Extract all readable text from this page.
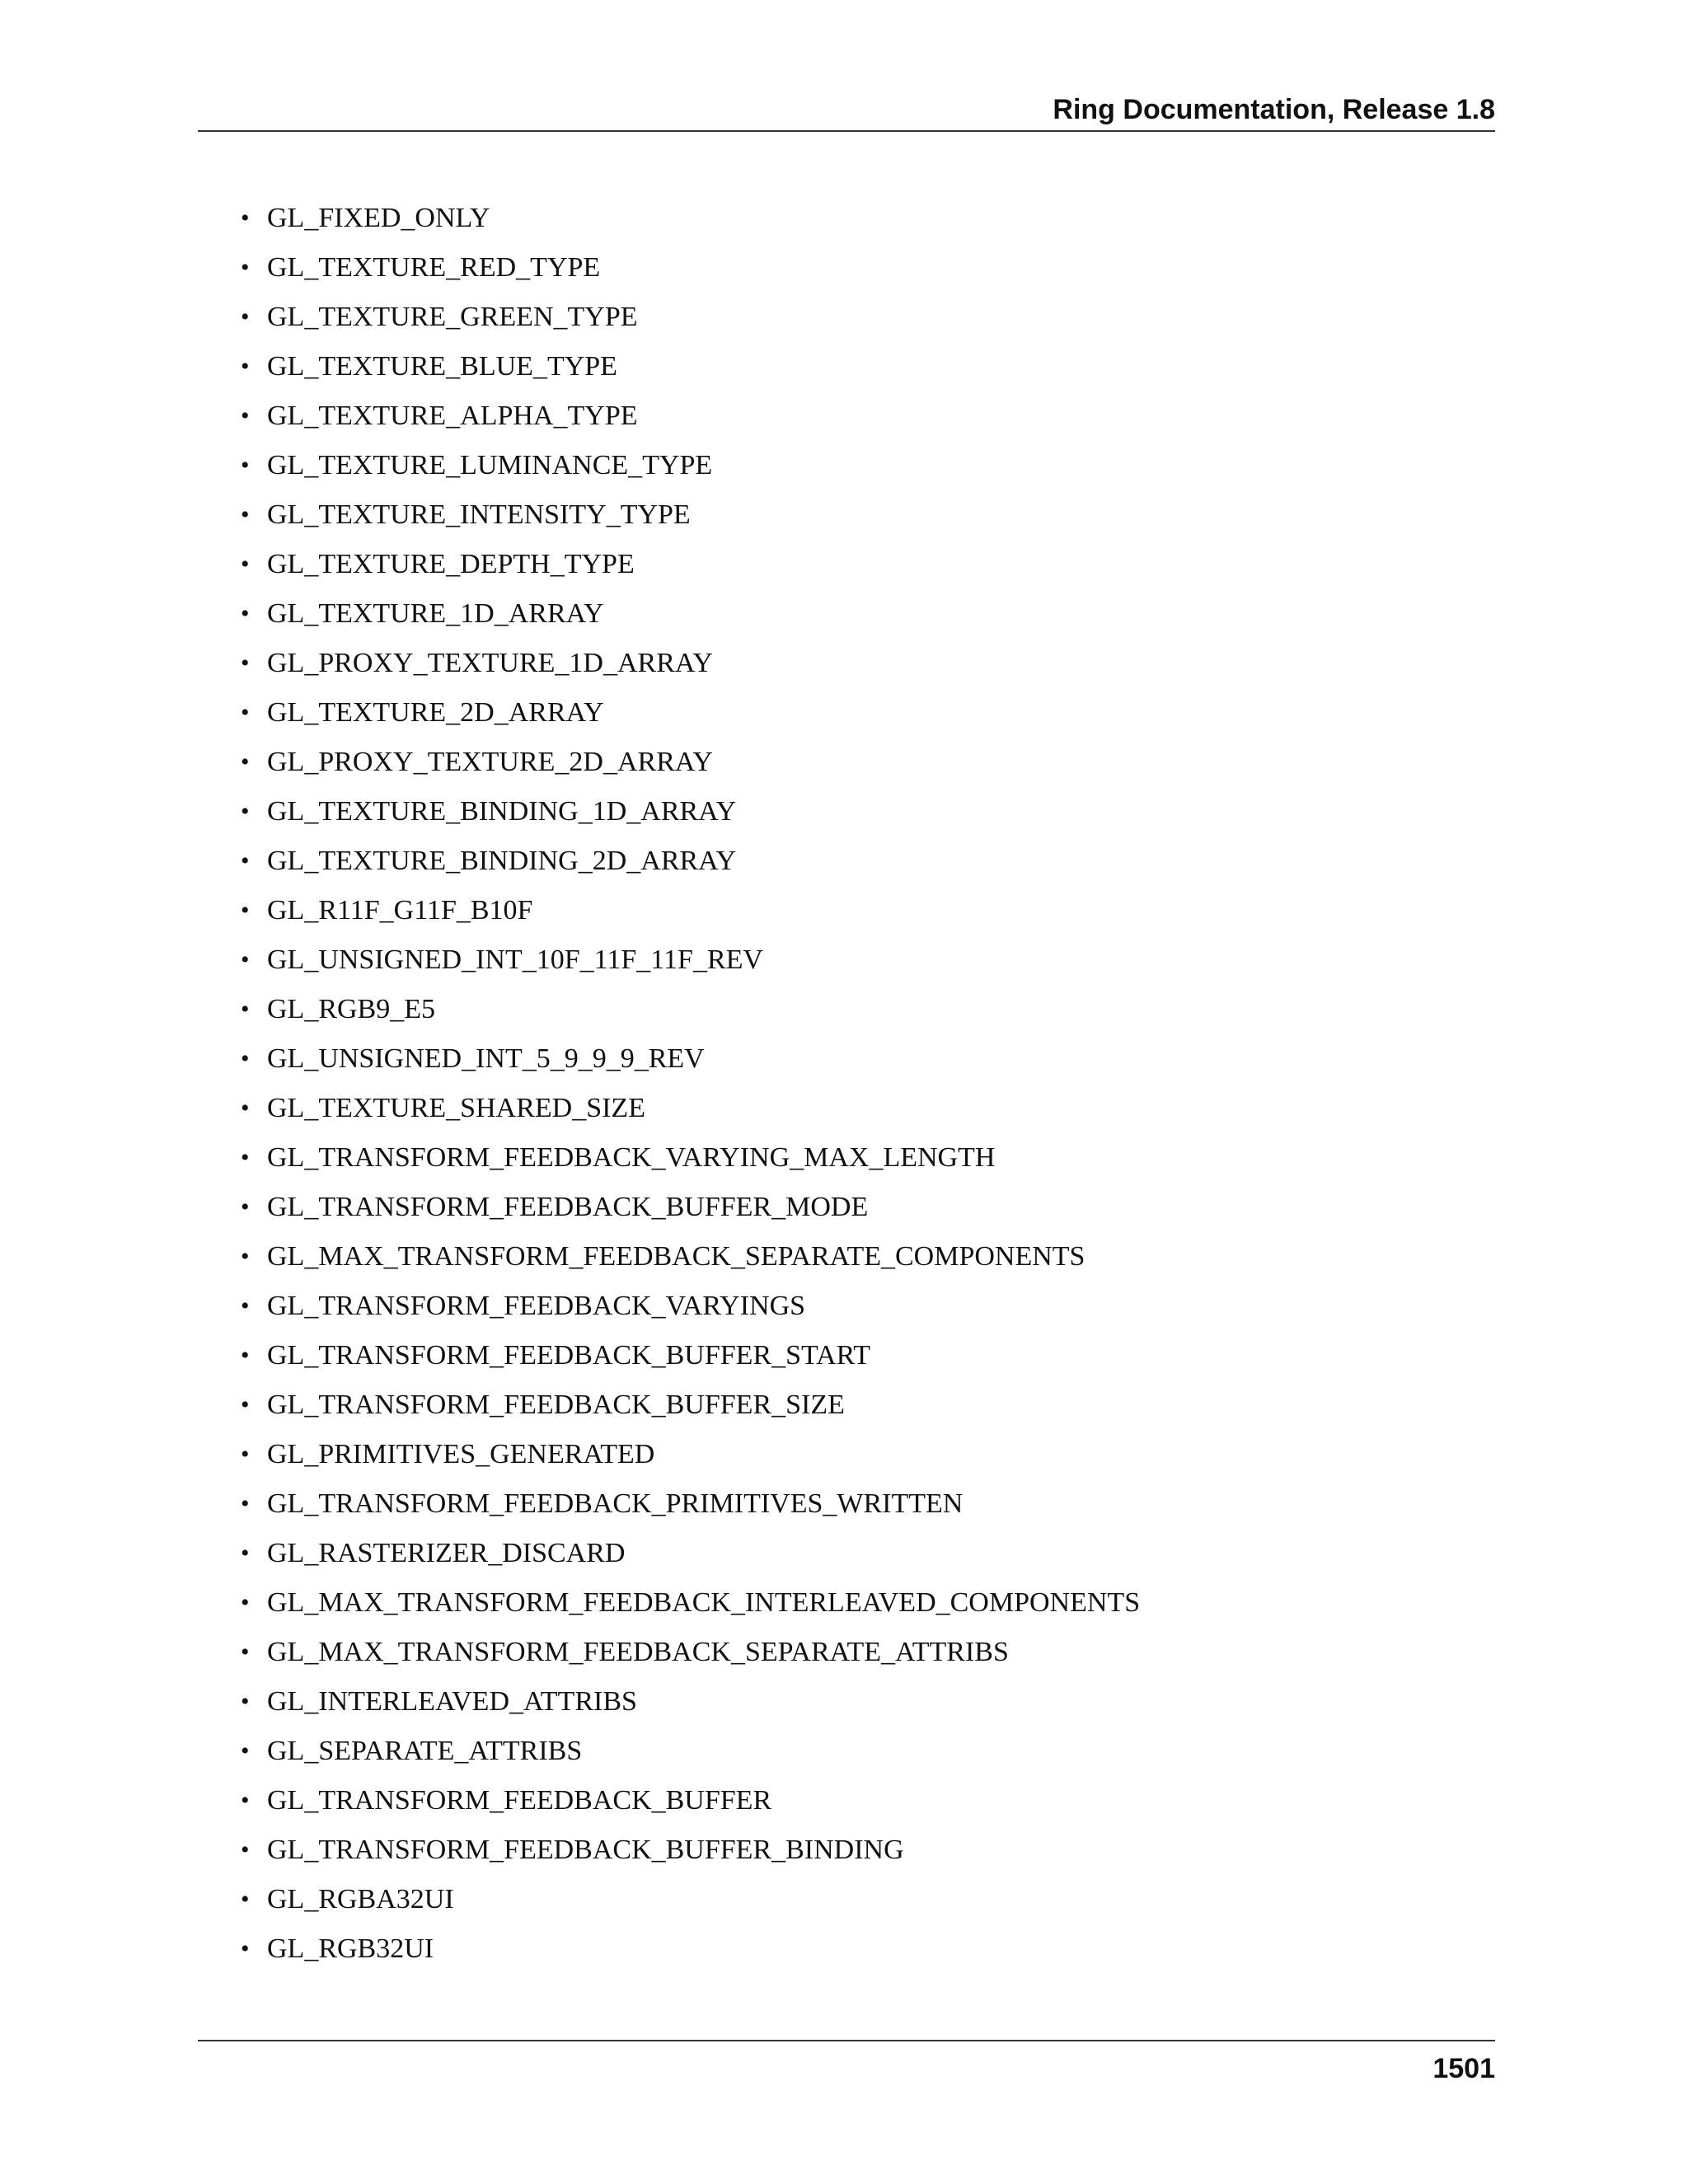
Ring Documentation, Release 1.8
• GL_FIXED_ONLY
• GL_TEXTURE_RED_TYPE
• GL_TEXTURE_GREEN_TYPE
• GL_TEXTURE_BLUE_TYPE
• GL_TEXTURE_ALPHA_TYPE
• GL_TEXTURE_LUMINANCE_TYPE
• GL_TEXTURE_INTENSITY_TYPE
• GL_TEXTURE_DEPTH_TYPE
• GL_TEXTURE_1D_ARRAY
• GL_PROXY_TEXTURE_1D_ARRAY
• GL_TEXTURE_2D_ARRAY
• GL_PROXY_TEXTURE_2D_ARRAY
• GL_TEXTURE_BINDING_1D_ARRAY
• GL_TEXTURE_BINDING_2D_ARRAY
• GL_R11F_G11F_B10F
• GL_UNSIGNED_INT_10F_11F_11F_REV
• GL_RGB9_E5
• GL_UNSIGNED_INT_5_9_9_9_REV
• GL_TEXTURE_SHARED_SIZE
• GL_TRANSFORM_FEEDBACK_VARYING_MAX_LENGTH
• GL_TRANSFORM_FEEDBACK_BUFFER_MODE
• GL_MAX_TRANSFORM_FEEDBACK_SEPARATE_COMPONENTS
• GL_TRANSFORM_FEEDBACK_VARYINGS
• GL_TRANSFORM_FEEDBACK_BUFFER_START
• GL_TRANSFORM_FEEDBACK_BUFFER_SIZE
• GL_PRIMITIVES_GENERATED
• GL_TRANSFORM_FEEDBACK_PRIMITIVES_WRITTEN
• GL_RASTERIZER_DISCARD
• GL_MAX_TRANSFORM_FEEDBACK_INTERLEAVED_COMPONENTS
• GL_MAX_TRANSFORM_FEEDBACK_SEPARATE_ATTRIBS
• GL_INTERLEAVED_ATTRIBS
• GL_SEPARATE_ATTRIBS
• GL_TRANSFORM_FEEDBACK_BUFFER
• GL_TRANSFORM_FEEDBACK_BUFFER_BINDING
• GL_RGBA32UI
• GL_RGB32UI
1501
